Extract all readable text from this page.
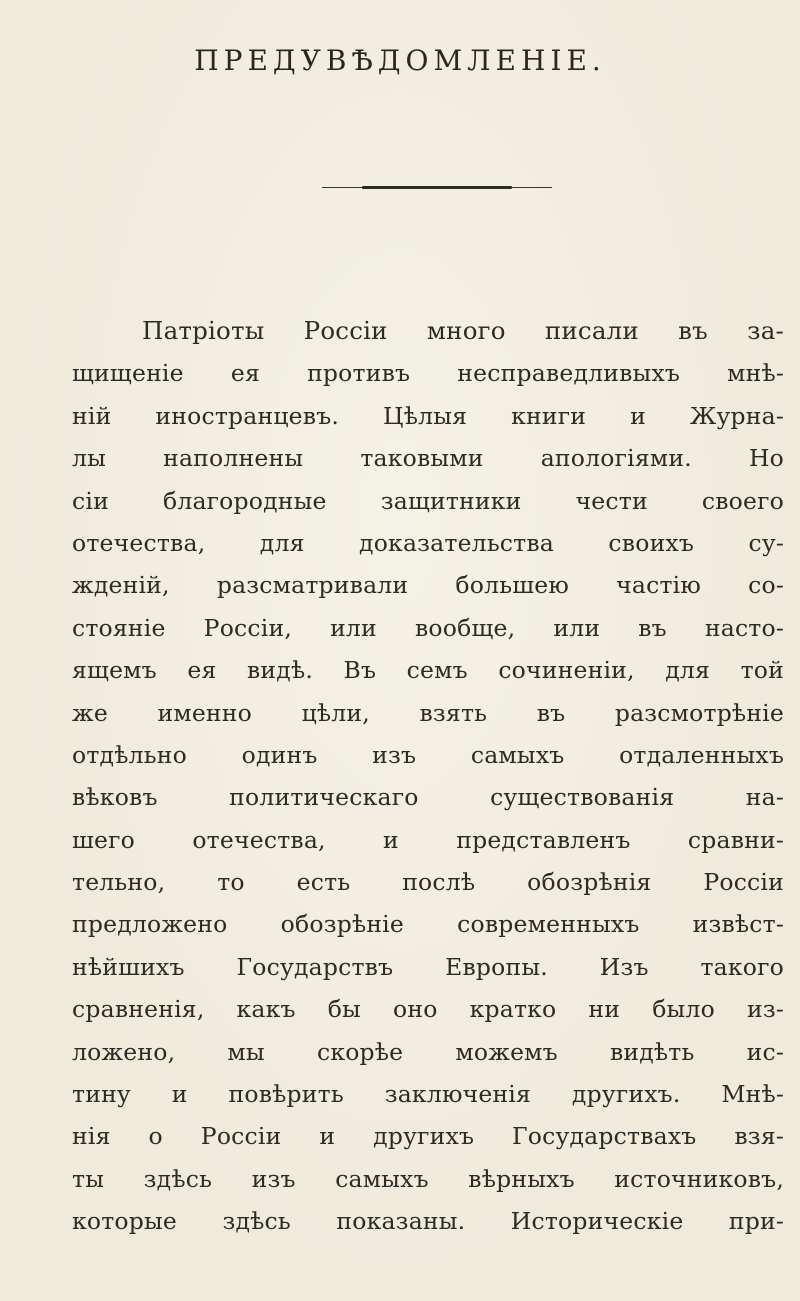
ПРЕДУВѢДОМЛЕНІЕ.
Патріоты Россіи много писали въ за-
щищеніе ея противъ несправедливыхъ мнѣ-
ній иностранцевъ. Цѣлыя книги и Журна-
лы наполнены таковыми апологіями. Но
сіи благородные защитники чести своего
отечества, для доказательства своихъ су-
жденій, разсматривали большею частію со-
стояніе Россіи, или вообще, или въ насто-
ящемъ ея видѣ. Въ семъ сочиненіи, для той
же именно цѣли, взять въ разсмотрѣніе
отдѣльно одинъ изъ самыхъ отдаленныхъ
вѣковъ политическаго существованія на-
шего отечества, и представленъ сравни-
тельно, то есть послѣ обозрѣнія Россіи
предложено обозрѣніе современныхъ извѣст-
нѣйшихъ Государствъ Европы. Изъ такого
сравненія, какъ бы оно кратко ни было из-
ложено, мы скорѣе можемъ видѣть ис-
тину и повѣрить заключенія другихъ. Мнѣ-
нія о Россіи и другихъ Государствахъ взя-
ты здѣсь изъ самыхъ вѣрныхъ источниковъ,
которые здѣсь показаны. Историческіе при-
